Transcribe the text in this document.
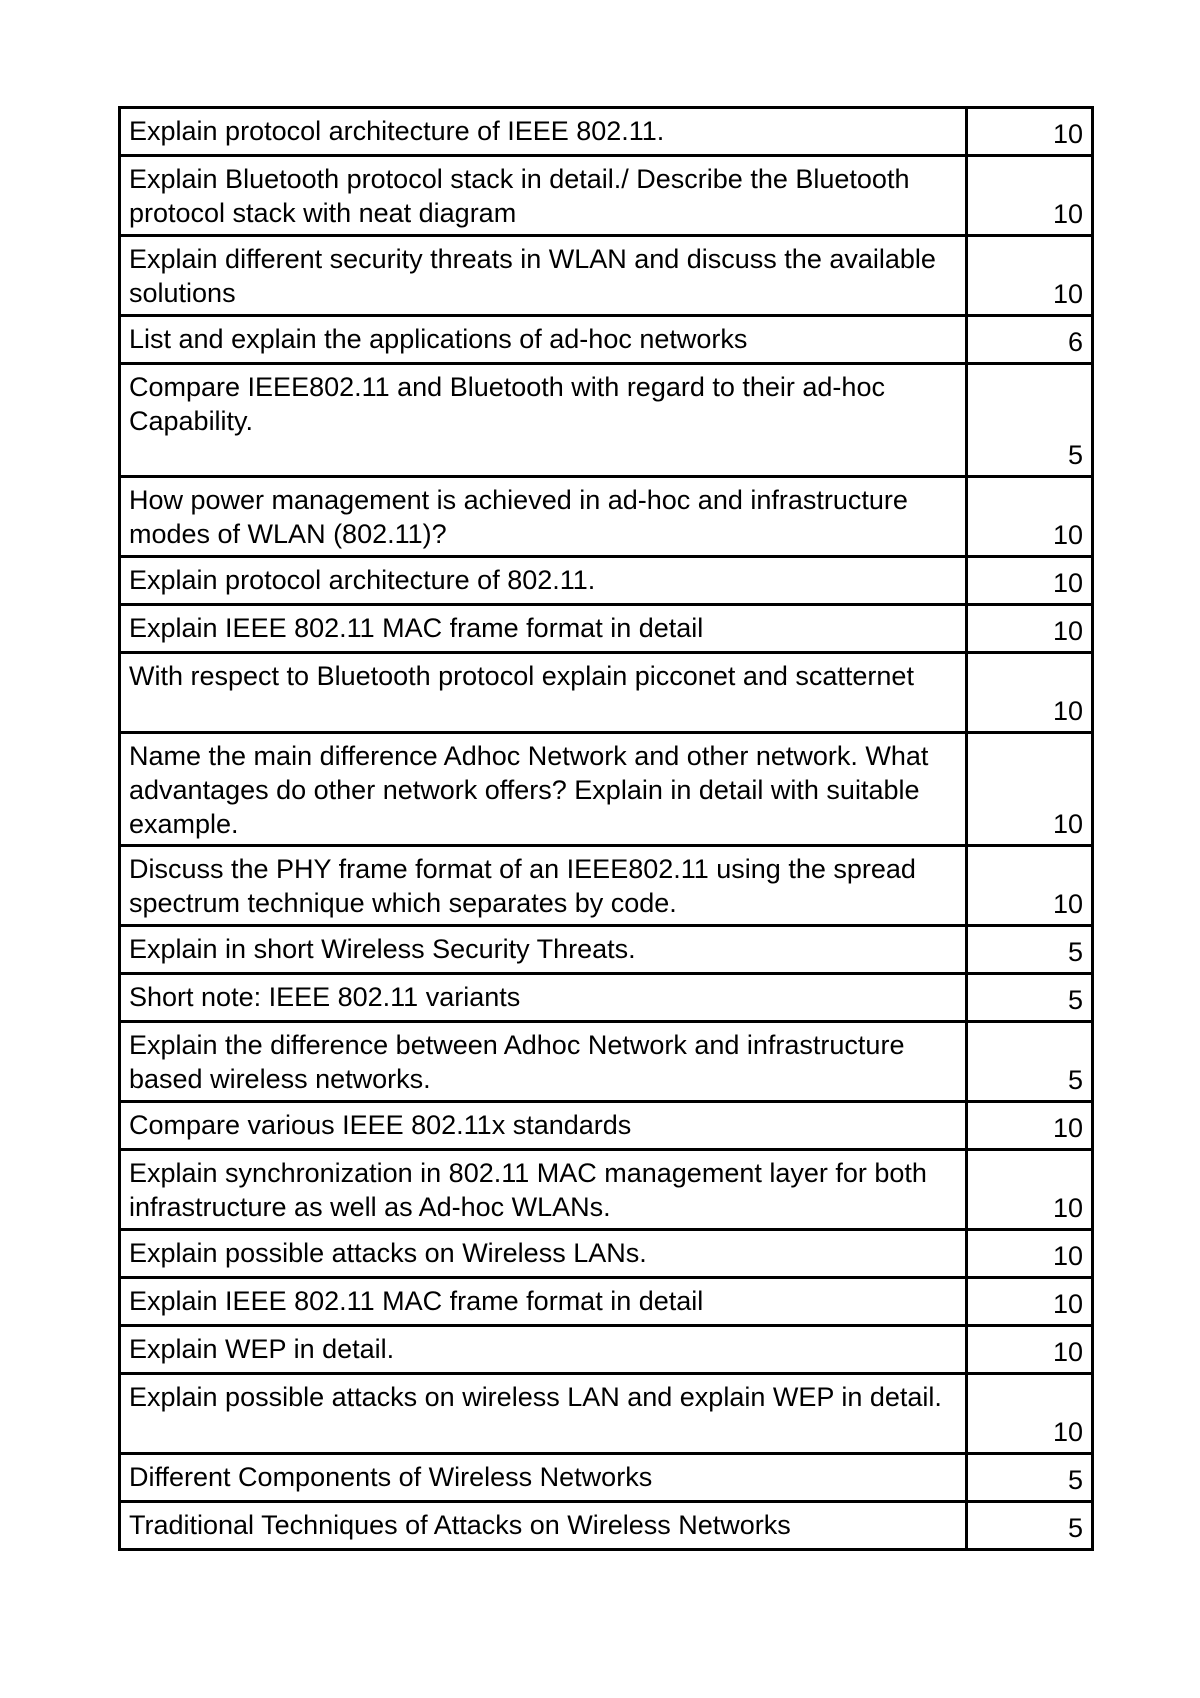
Explain protocol architecture of IEEE 802.11.	10

Explain Bluetooth protocol stack in detail./ Describe the Bluetooth protocol stack with neat diagram	10

Explain different security threats in WLAN and discuss the available solutions	10

List and explain the applications of ad-hoc networks	6

Compare IEEE802.11 and Bluetooth with regard to their ad-hoc Capability.	5

How power management is achieved in ad-hoc and infrastructure modes of WLAN (802.11)?	10

Explain protocol architecture of 802.11.	10

Explain IEEE 802.11 MAC frame format in detail	10

With respect to Bluetooth protocol explain picconet and scatternet	10

Name the main difference Adhoc Network and other network. What advantages do other network offers? Explain in detail with suitable example.	10

Discuss the PHY frame format of an IEEE802.11 using the spread spectrum technique which separates by code.	10

Explain in short Wireless Security Threats.	5

Short note: IEEE 802.11 variants	5

Explain the difference between Adhoc Network and infrastructure based wireless networks.	5

Compare various IEEE 802.11x standards	10

Explain synchronization in 802.11 MAC management layer for both infrastructure as well as Ad-hoc WLANs.	10

Explain possible attacks on Wireless LANs.	10

Explain IEEE 802.11 MAC frame format in detail	10

Explain WEP in detail.	10

Explain possible attacks on wireless LAN and explain WEP in detail.	10

Different Components of Wireless Networks	5

Traditional Techniques of Attacks on Wireless Networks	5
